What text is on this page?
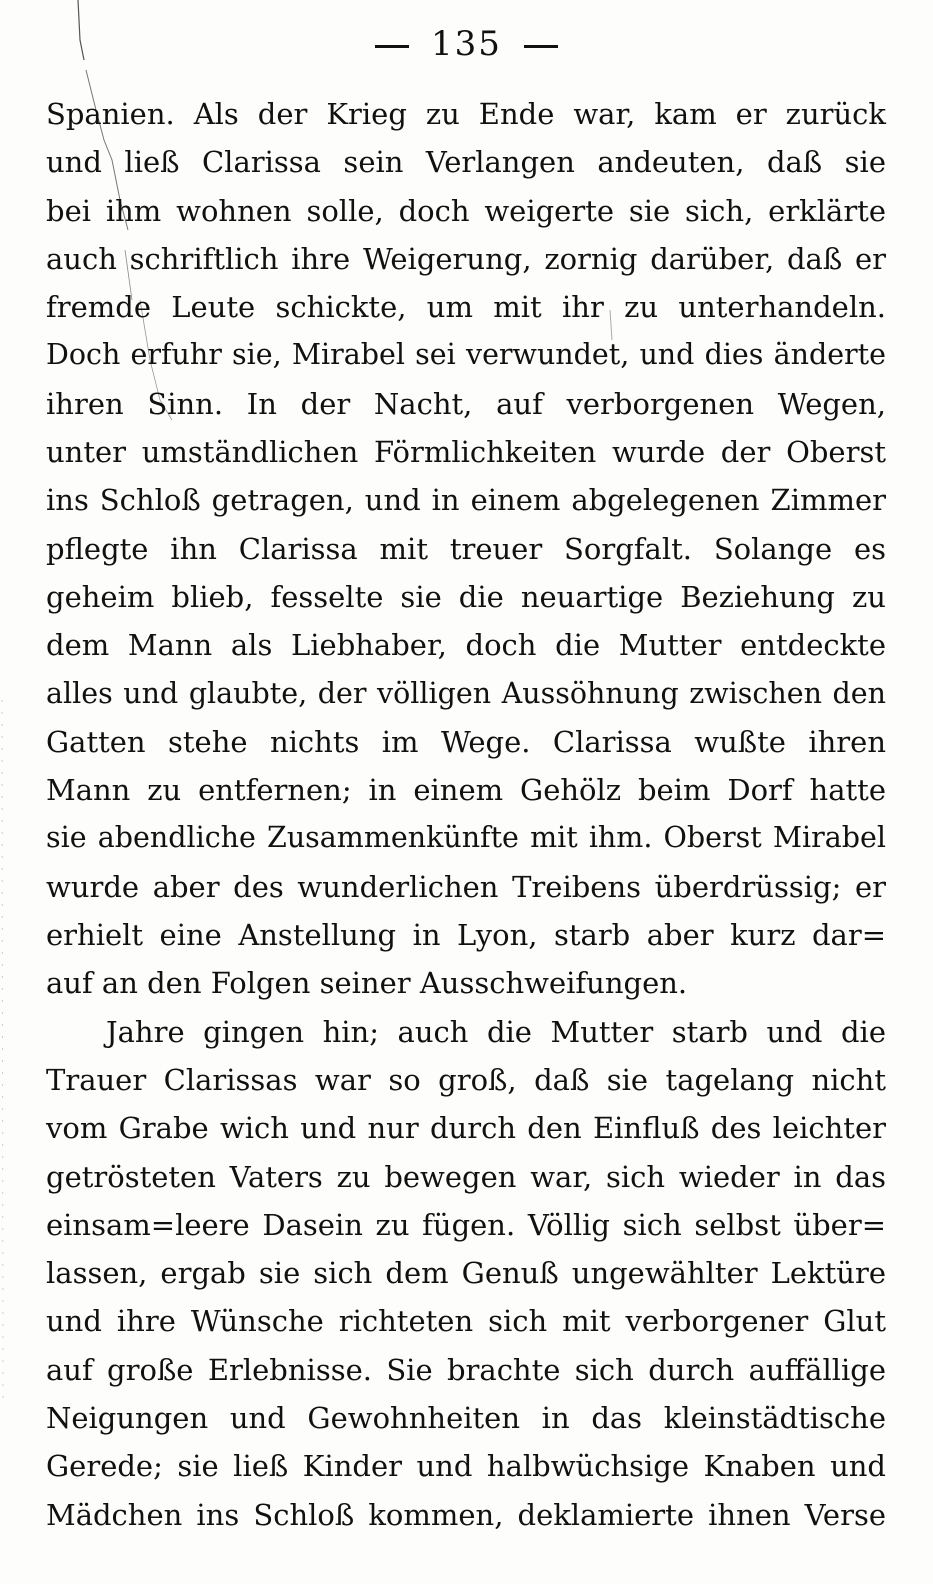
135
Spanien. Als der Krieg zu Ende war, kam er zurück
und ließ Clarissa sein Verlangen andeuten, daß sie
bei ihm wohnen solle, doch weigerte sie sich, erklärte
auch schriftlich ihre Weigerung, zornig darüber, daß er
fremde Leute schickte, um mit ihr zu unterhandeln.
Doch erfuhr sie, Mirabel sei verwundet, und dies änderte
ihren Sinn. In der Nacht, auf verborgenen Wegen,
unter umständlichen Förmlichkeiten wurde der Oberst
ins Schloß getragen, und in einem abgelegenen Zimmer
pflegte ihn Clarissa mit treuer Sorgfalt. Solange es
geheim blieb, fesselte sie die neuartige Beziehung zu
dem Mann als Liebhaber, doch die Mutter entdeckte
alles und glaubte, der völligen Aussöhnung zwischen den
Gatten stehe nichts im Wege. Clarissa wußte ihren
Mann zu entfernen; in einem Gehölz beim Dorf hatte
sie abendliche Zusammenkünfte mit ihm. Oberst Mirabel
wurde aber des wunderlichen Treibens überdrüssig; er
erhielt eine Anstellung in Lyon, starb aber kurz dar=
auf an den Folgen seiner Ausschweifungen.
Jahre gingen hin; auch die Mutter starb und die
Trauer Clarissas war so groß, daß sie tagelang nicht
vom Grabe wich und nur durch den Einfluß des leichter
getrösteten Vaters zu bewegen war, sich wieder in das
einsam=leere Dasein zu fügen. Völlig sich selbst über=
lassen, ergab sie sich dem Genuß ungewählter Lektüre
und ihre Wünsche richteten sich mit verborgener Glut
auf große Erlebnisse. Sie brachte sich durch auffällige
Neigungen und Gewohnheiten in das kleinstädtische
Gerede; sie ließ Kinder und halbwüchsige Knaben und
Mädchen ins Schloß kommen, deklamierte ihnen Verse
